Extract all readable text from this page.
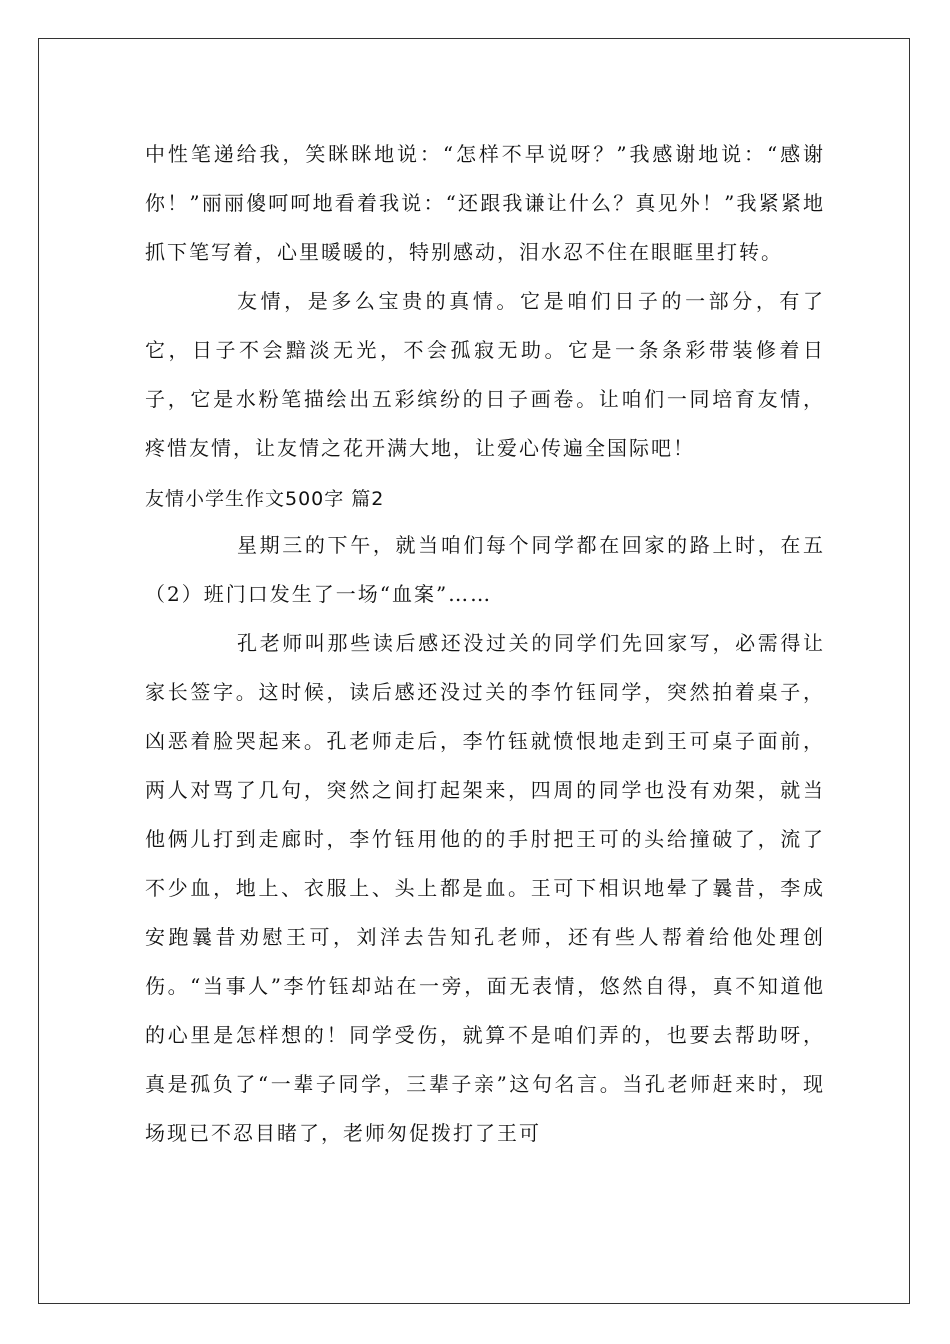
中性笔递给我，笑眯眯地说：“怎样不早说呀？”我感谢地说：“感谢你！”丽丽傻呵呵地看着我说：“还跟我谦让什么？真见外！”我紧紧地抓下笔写着，心里暖暖的，特别感动，泪水忍不住在眼眶里打转。

友情，是多么宝贵的真情。它是咱们日子的一部分，有了它，日子不会黯淡无光，不会孤寂无助。它是一条条彩带装修着日子，它是水粉笔描绘出五彩缤纷的日子画卷。让咱们一同培育友情，疼惜友情，让友情之花开满大地，让爱心传遍全国际吧！

友情小学生作文500字 篇2

星期三的下午，就当咱们每个同学都在回家的路上时，在五（2）班门口发生了一场“血案”……

孔老师叫那些读后感还没过关的同学们先回家写，必需得让家长签字。这时候，读后感还没过关的李竹钰同学，突然拍着桌子，凶恶着脸哭起来。孔老师走后，李竹钰就愤恨地走到王可桌子面前，两人对骂了几句，突然之间打起架来，四周的同学也没有劝架，就当他俩儿打到走廊时，李竹钰用他的的手肘把王可的头给撞破了，流了不少血，地上、衣服上、头上都是血。王可下相识地晕了曩昔，李成安跑曩昔劝慰王可，刘洋去告知孔老师，还有些人帮着给他处理创伤。“当事人”李竹钰却站在一旁，面无表情，悠然自得，真不知道他的心里是怎样想的！同学受伤，就算不是咱们弄的，也要去帮助呀，真是孤负了“一辈子同学，三辈子亲”这句名言。当孔老师赶来时，现场现已不忍目睹了，老师匆促拨打了王可
